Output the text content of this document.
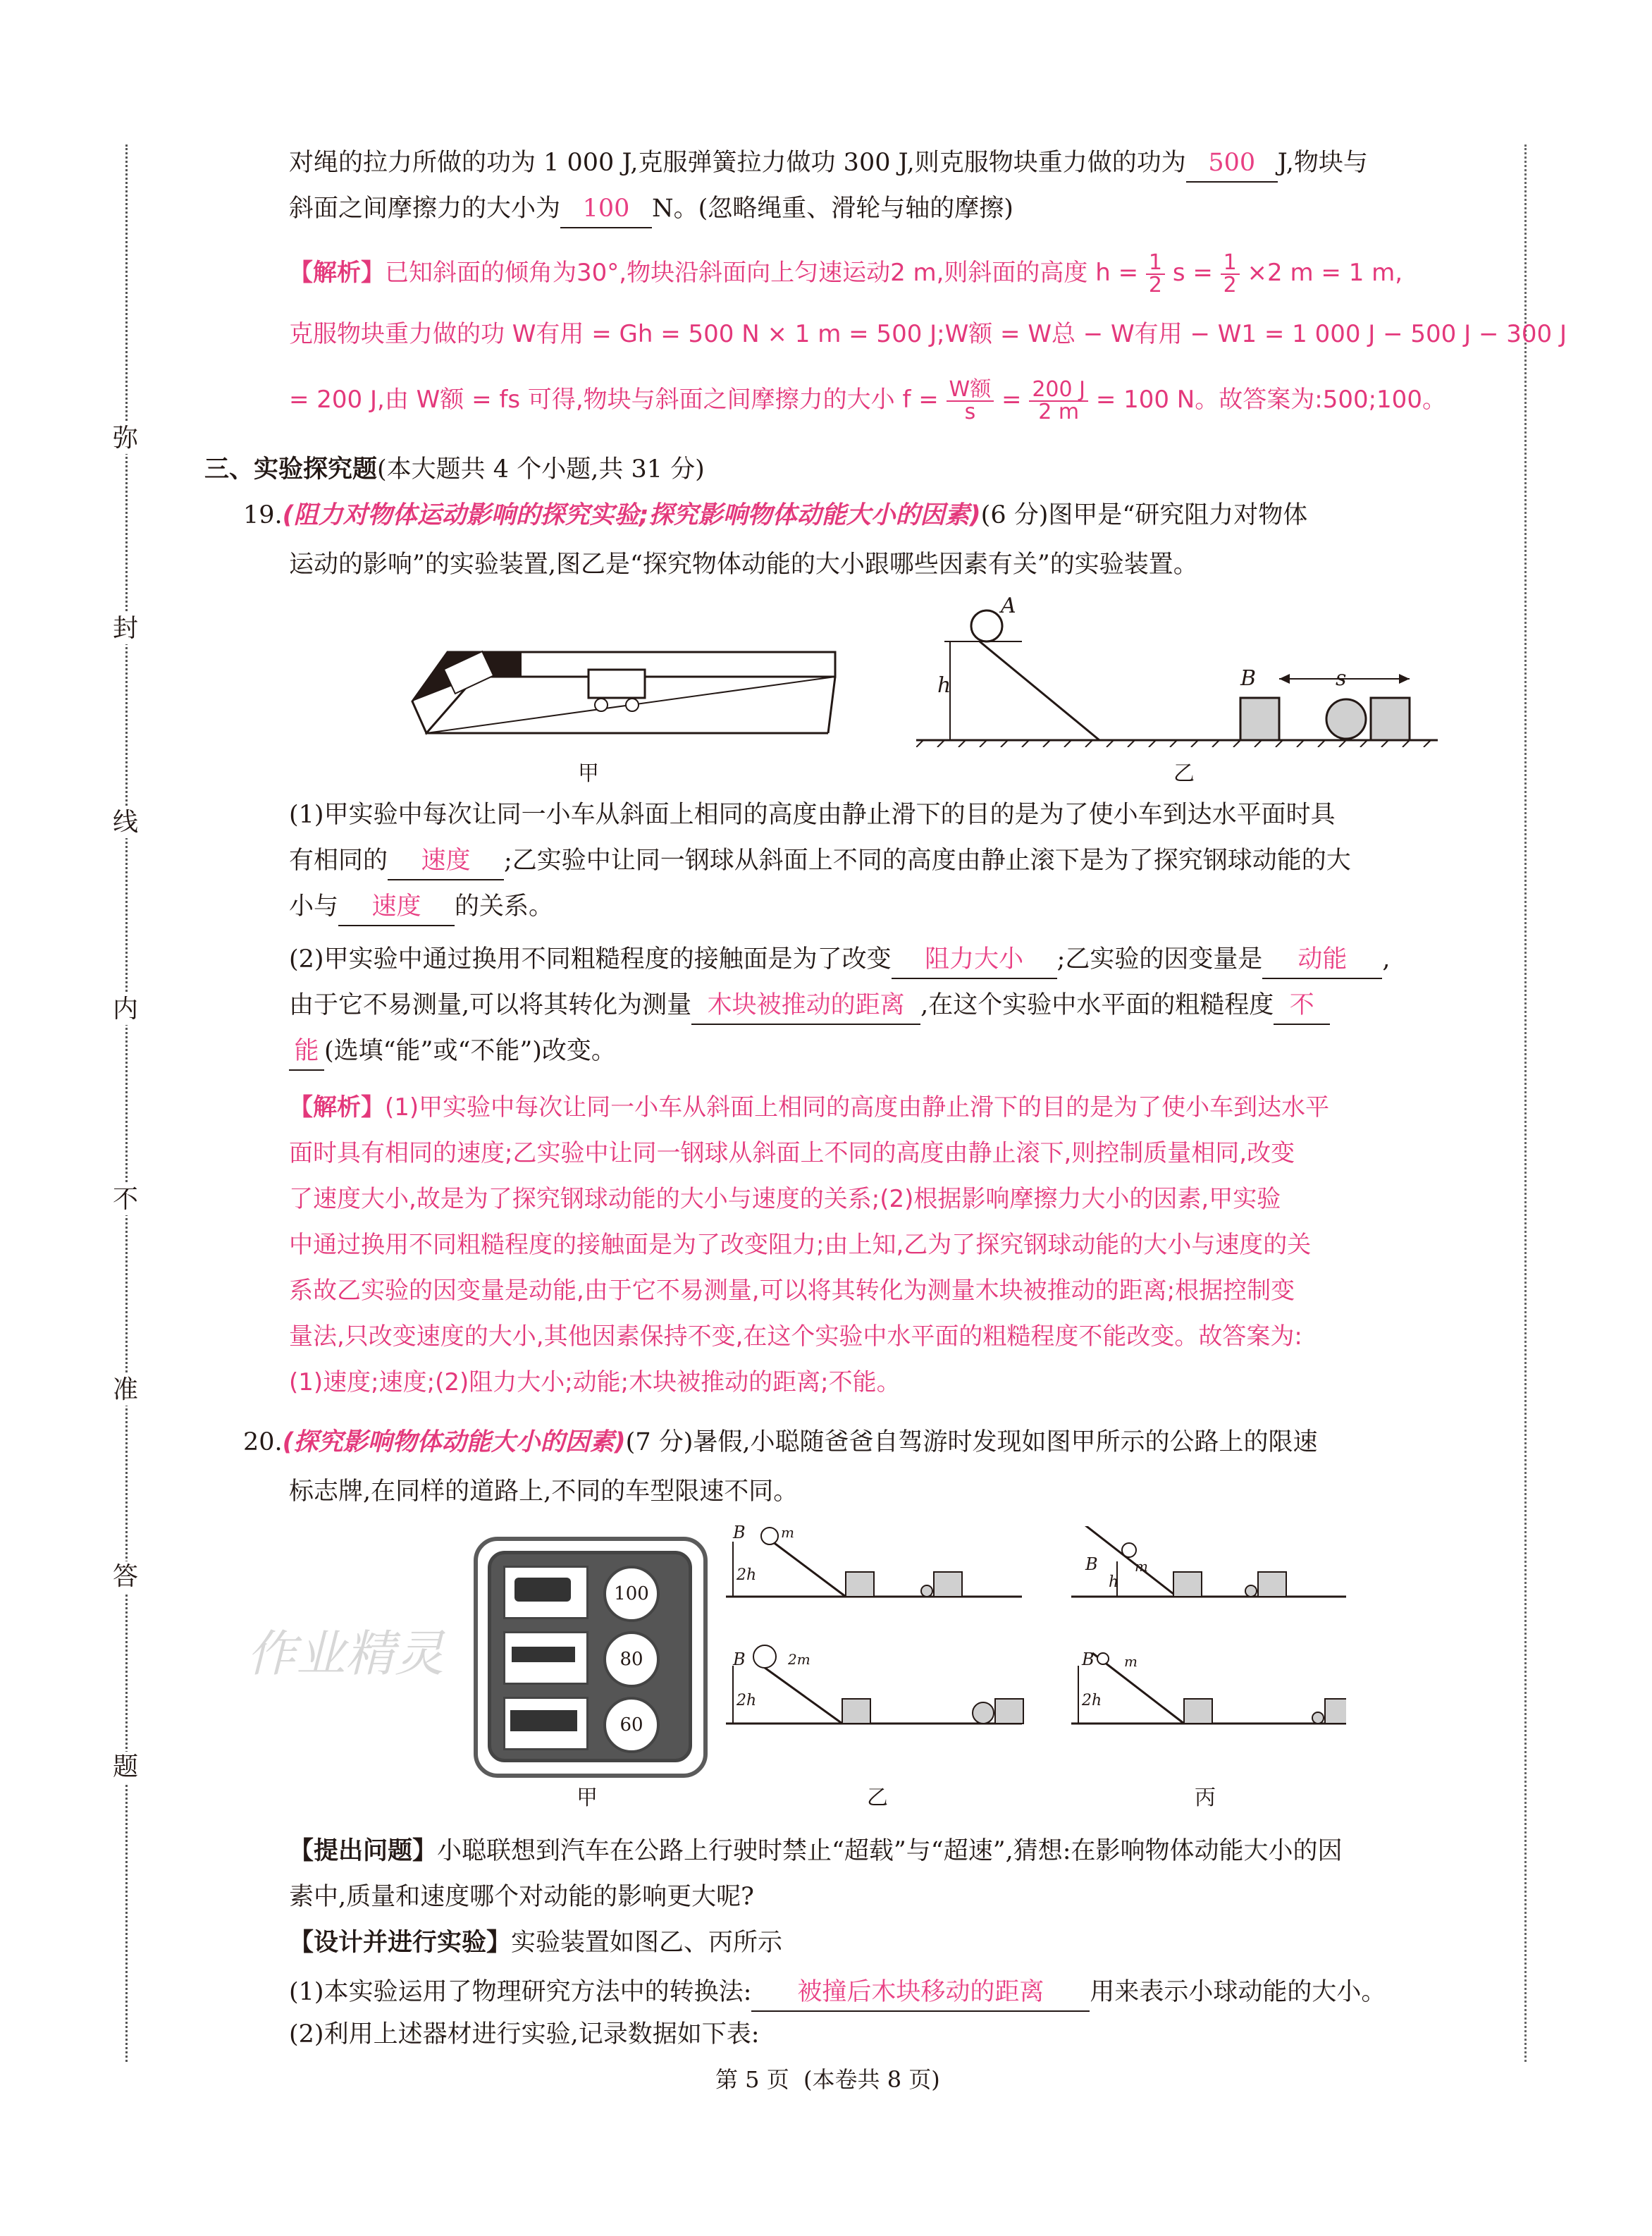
弥
封
线
内
不
准
答
题
对绳的拉力所做的功为 1 000 J,克服弹簧拉力做功 300 J,则克服物块重力做的功为 500 J,物块与
斜面之间摩擦力的大小为 100 N。(忽略绳重、滑轮与轴的摩擦)
【解析】已知斜面的倾角为30°,物块沿斜面向上匀速运动2 m,则斜面的高度 $h = \frac{1}{2}$ $s = \frac{1}{2} \times 2$ m = 1 m,
克服物块重力做的功 W有用 = Gh = 500 N × 1 m = 500 J;W额 = W总 − W有用 − W1 = 1 000 J − 500 J − 300 J
= 200 J,由 W额 = fs 可得,物块与斜面之间摩擦力的大小 $f = \frac{\text{W额}}{s} = \frac{200 J}{2 m} = 100$ N。故答案为:500;100。
三、实验探究题(本大题共 4 个小题,共 31 分)
19.(阻力对物体运动影响的探究实验;探究影响物体动能大小的因素)(6 分)图甲是“研究阻力对物体
运动的影响”的实验装置,图乙是“探究物体动能的大小跟哪些因素有关”的实验装置。
甲
A
h	B	s
乙
(1)甲实验中每次让同一小车从斜面上相同的高度由静止滑下的目的是为了使小车到达水平面时具
有相同的 速度 ;乙实验中让同一钢球从斜面上不同的高度由静止滚下是为了探究钢球动能的大
小与 速度 的关系。
(2)甲实验中通过换用不同粗糙程度的接触面是为了改变 阻力大小 ;乙实验的因变量是 动能 ,
由于它不易测量,可以将其转化为测量 木块被推动的距离 ,在这个实验中水平面的粗糙程度 不
能 (选填“能”或“不能”)改变。
【解析】(1)甲实验中每次让同一小车从斜面上相同的高度由静止滑下的目的是为了使小车到达水平
面时具有相同的速度;乙实验中让同一钢球从斜面上不同的高度由静止滚下,则控制质量相同,改变
了速度大小,故是为了探究钢球动能的大小与速度的关系;(2)根据影响摩擦力大小的因素,甲实验
中通过换用不同粗糙程度的接触面是为了改变阻力;由上知,乙为了探究钢球动能的大小与速度的关
系故乙实验的因变量是动能,由于它不易测量,可以将其转化为测量木块被推动的距离;根据控制变
量法,只改变速度的大小,其他因素保持不变,在这个实验中水平面的粗糙程度不能改变。故答案为:
(1)速度;速度;(2)阻力大小;动能;木块被推动的距离;不能。
20.(探究影响物体动能大小的因素)(7 分)暑假,小聪随爸爸自驾游时发现如图甲所示的公路上的限速
标志牌,在同样的道路上,不同的车型限速不同。
100
80
60
甲
B	m
2h
B	m
h
B	2m
2h
B m
2h
乙	丙
作业精灵
【提出问题】小聪联想到汽车在公路上行驶时禁止“超载”与“超速”,猜想:在影响物体动能大小的因
素中,质量和速度哪个对动能的影响更大呢?
【设计并进行实验】实验装置如图乙、丙所示
(1)本实验运用了物理研究方法中的转换法: 被撞后木块移动的距离 用来表示小球动能的大小。
(2)利用上述器材进行实验,记录数据如下表:
第 5 页  (本卷共 8 页)
